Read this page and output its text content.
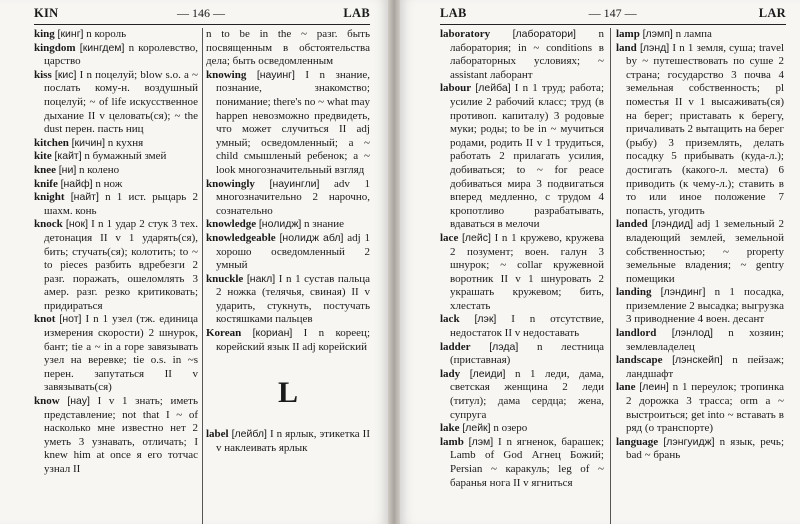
KIN	— 146 —	LAB
king [кинг] n король
kingdom [кингдем] n королевство, царство
kiss [кис] I n поцелуй; blow s.o. a ~ послать кому-н. воздушный поцелуй; ~ of life искусственное дыхание II v целовать(ся); ~ the dust перен. пасть ниц
kitchen [кичин] n кухня
kite [кайт] n бумажный змей
knee [ни] n колено
knife [найф] n нож
knight [найт] n 1 ист. рыцарь 2 шахм. конь
knock [нок] I n 1 удар 2 стук 3 тех. детонация II v 1 ударять(ся), бить; стучать(ся); колотить; to ~ to pieces разбить вдребезги 2 разг. поражать, ошеломлять 3 амер. разг. резко критиковать; придираться
knot [нот] I n 1 узел (тж. единица измерения скорости) 2 шнурок, бант; tie a ~ in a rope завязывать узел на веревке; tie o.s. in ~s перен. запутаться II v завязывать(ся)
know [нау] I v 1 знать; иметь представление; not that I ~ of насколько мне известно нет 2 уметь 3 узнавать, отличать; I knew him at once я его тотчас узнал II
n to be in the ~ разг. быть посвященным в обстоятельства дела; быть осведомленным
knowing [науинг] I n знание, познание, знакомство; понимание; there's no ~ what may happen невозможно предвидеть, что может случиться II adj умный; осведомленный; a ~ child смышленый ребенок; a ~ look многозначительный взгляд
knowingly [науингли] adv 1 многозначительно 2 нарочно, сознательно
knowledge [нолидж] n знание
knowledgeable [нолидж абл] adj 1 хорошо осведомленный 2 умный
knuckle [накл] I n 1 сустав пальца 2 ножка (телячья, свиная) II v ударить, стукнуть, постучать костяшками пальцев
Korean [кориан] I n кореец; корейский язык II adj корейский
L
label [лейбл] I n ярлык, этикетка II v наклеивать ярлык
LAB	— 147 —	LAR
laboratory [лаборатори] n лаборатория; in ~ conditions в лабораторных условиях; ~ assistant лаборант
labour [лейба] I n 1 труд; работа; усилие 2 рабочий класс; труд (в противоп. капиталу) 3 родовые муки; роды; to be in ~ мучиться родами, родить II v 1 трудиться, работать 2 прилагать усилия, добиваться; to ~ for peace добиваться мира 3 подвигаться вперед медленно, с трудом 4 кропотливо разрабатывать, вдаваться в мелочи
lace [лейс] I n 1 кружево, кружева 2 позумент; воен. галун 3 шнурок; ~ collar кружевной воротник II v 1 шнуровать 2 украшать кружевом; бить, хлестать
lack [лэк] I n отсутствие, недостаток II v недоставать
ladder [лэда] n лестница (приставная)
lady [леиди] n 1 леди, дама, светская женщина 2 леди (титул); дама сердца; жена, супруга
lake [лейк] n озеро
lamb [лэм] I n ягненок, барашек; Lamb of God Агнец Божий; Persian ~ каракуль; leg of ~ баранья нога II v ягниться
lamp [лэмп] n лампа
land [лэнд] I n 1 земля, суша; travel by ~ путешествовать по суше 2 страна; государство 3 почва 4 земельная собственность; pl поместья II v 1 высаживать(ся) на берег; приставать к берегу, причаливать 2 вытащить на берег (рыбу) 3 приземлять, делать посадку 5 прибывать (куда-л.); достигать (какого-л. места) 6 приводить (к чему-л.); ставить в то или иное положение 7 попасть, угодить
landed [лэндид] adj 1 земельный 2 владеющий землей, земельной собственностью; ~ property земельные владения; ~ gentry помещики
landing [лэндинг] n 1 посадка, приземление 2 высадка; выгрузка 3 приводнение 4 воен. десант
landlord [лэнлод] n хозяин; землевладелец
landscape [лэнскейп] n пейзаж; ландшафт
lane [леин] n 1 переулок; тропинка 2 дорожка 3 трасса; orm a ~ выстроиться; get into ~ вставать в ряд (о транспорте)
language [лэнгуидж] n язык, речь; bad ~ брань
